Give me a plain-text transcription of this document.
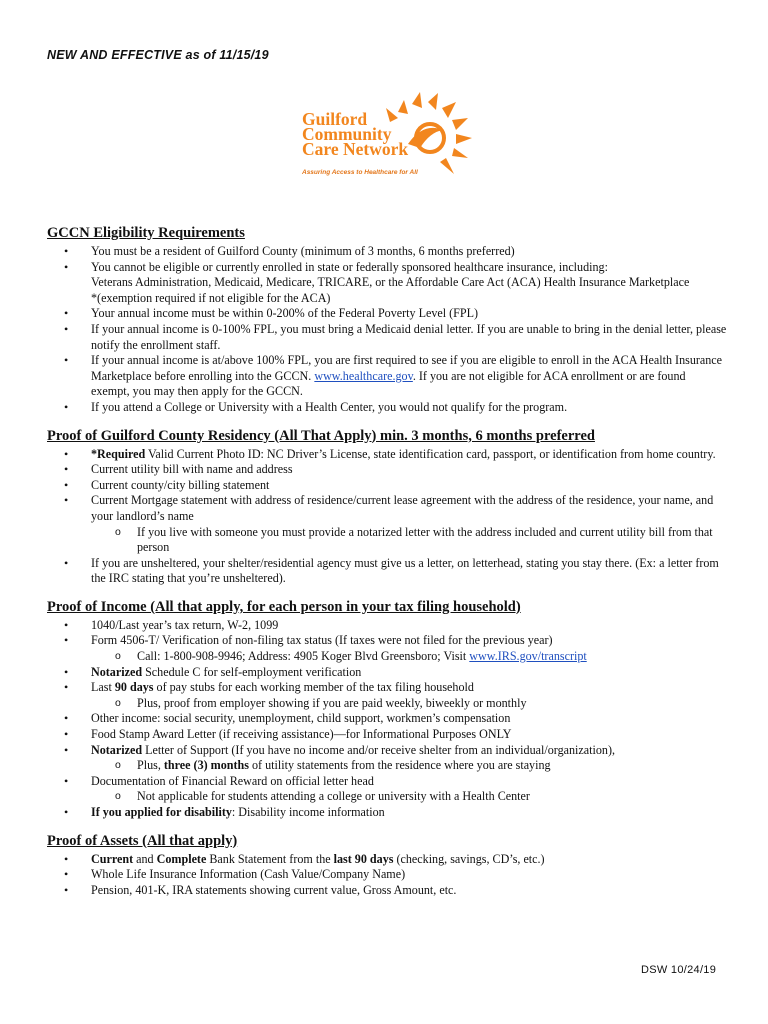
NEW AND EFFECTIVE as of 11/15/19
Guilford
Community
Care Network
Assuring Access to Healthcare for All
GCCN Eligibility Requirements
• You must be a resident of Guilford County (minimum of 3 months, 6 months preferred)
• You cannot be eligible or currently enrolled in state or federally sponsored healthcare insurance, including:
Veterans Administration, Medicaid, Medicare, TRICARE, or the Affordable Care Act (ACA) Health Insurance Marketplace
*(exemption required if not eligible for the ACA)
• Your annual income must be within 0-200% of the Federal Poverty Level (FPL)
• If your annual income is 0-100% FPL, you must bring a Medicaid denial letter. If you are unable to bring in the denial letter, please notify the enrollment staff.
• If your annual income is at/above 100% FPL, you are first required to see if you are eligible to enroll in the ACA Health Insurance Marketplace before enrolling into the GCCN. www.healthcare.gov. If you are not eligible for ACA enrollment or are found exempt, you may then apply for the GCCN.
• If you attend a College or University with a Health Center, you would not qualify for the program.
Proof of Guilford County Residency (All That Apply) min. 3 months, 6 months preferred
• *Required Valid Current Photo ID: NC Driver’s License, state identification card, passport, or identification from home country.
• Current utility bill with name and address
• Current county/city billing statement
• Current Mortgage statement with address of residence/current lease agreement with the address of the residence, your name, and your landlord’s name
o If you live with someone you must provide a notarized letter with the address included and current utility bill from that person
• If you are unsheltered, your shelter/residential agency must give us a letter, on letterhead, stating you stay there. (Ex: a letter from the IRC stating that you’re unsheltered).
Proof of Income (All that apply, for each person in your tax filing household)
• 1040/Last year’s tax return, W-2, 1099
• Form 4506-T/ Verification of non-filing tax status (If taxes were not filed for the previous year)
o Call: 1-800-908-9946; Address: 4905 Koger Blvd Greensboro; Visit www.IRS.gov/transcript
• Notarized Schedule C for self-employment verification
• Last 90 days of pay stubs for each working member of the tax filing household
o Plus, proof from employer showing if you are paid weekly, biweekly or monthly
• Other income: social security, unemployment, child support, workmen’s compensation
• Food Stamp Award Letter (if receiving assistance)—for Informational Purposes ONLY
• Notarized Letter of Support (If you have no income and/or receive shelter from an individual/organization),
o Plus, three (3) months of utility statements from the residence where you are staying
• Documentation of Financial Reward on official letter head
o Not applicable for students attending a college or university with a Health Center
• If you applied for disability: Disability income information
Proof of Assets (All that apply)
• Current and Complete Bank Statement from the last 90 days (checking, savings, CD’s, etc.)
• Whole Life Insurance Information (Cash Value/Company Name)
• Pension, 401-K, IRA statements showing current value, Gross Amount, etc.
DSW 10/24/19
